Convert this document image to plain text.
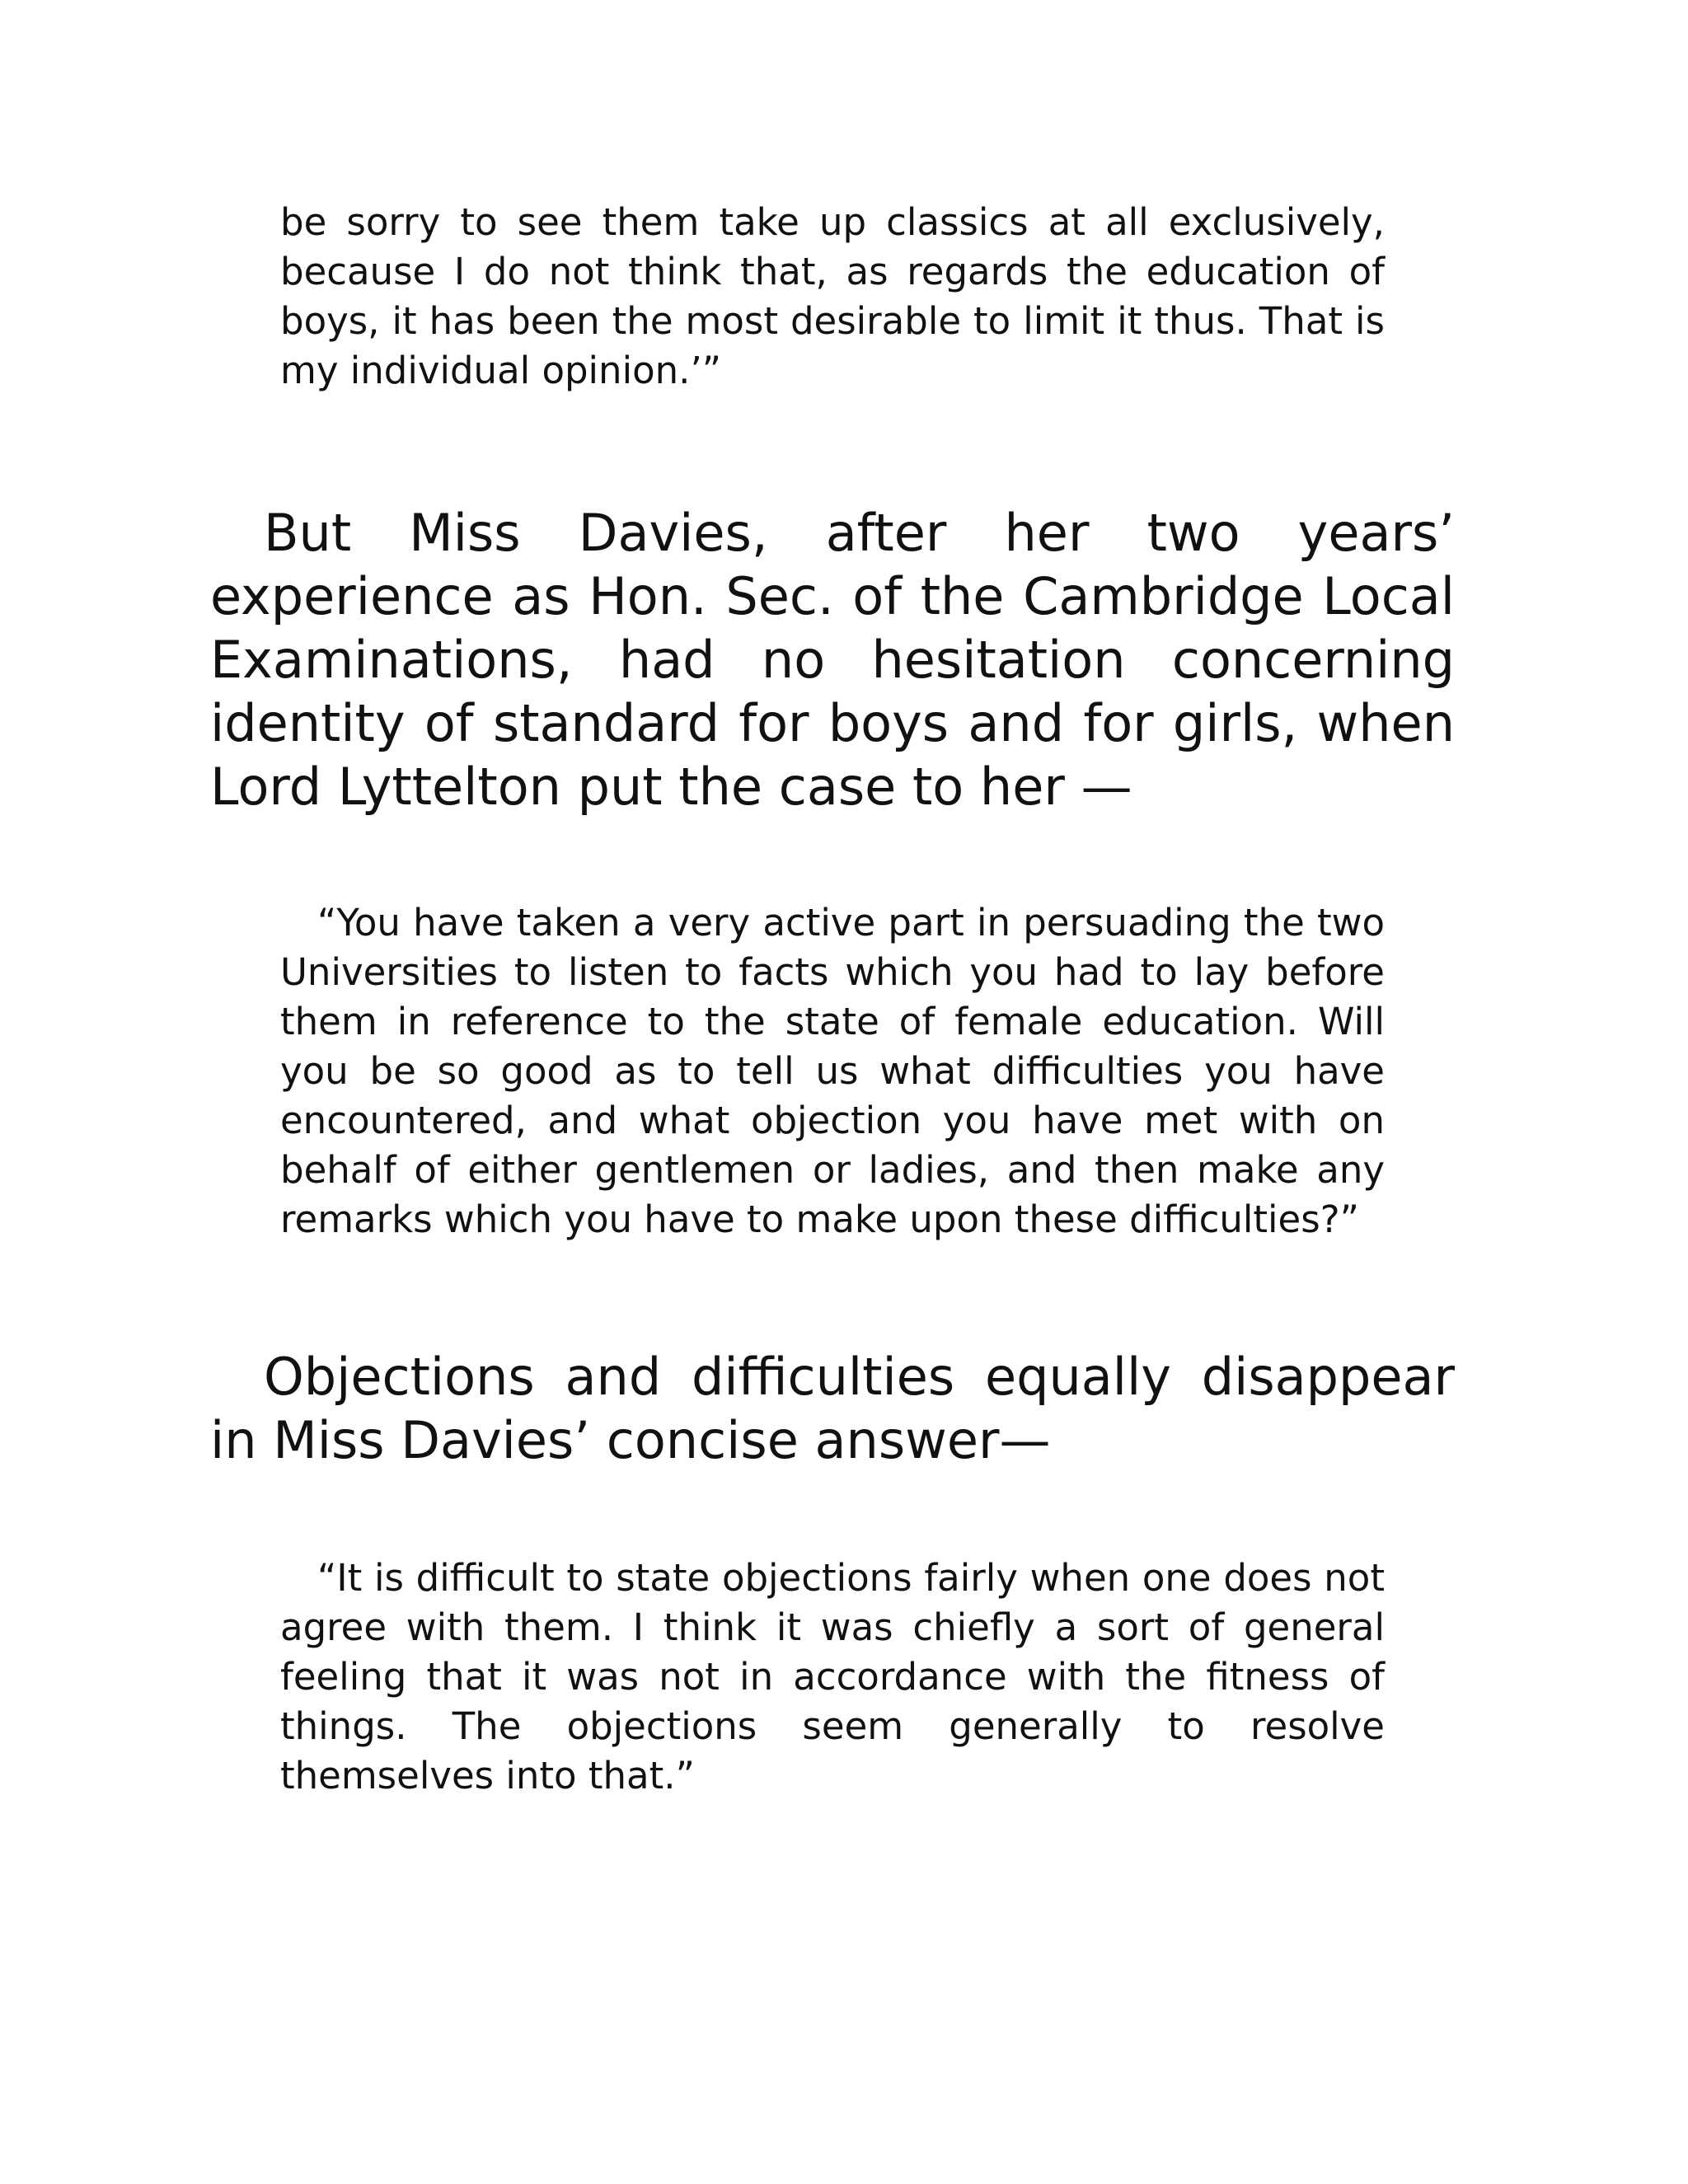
be sorry to see them take up classics at all exclusively, because I do not think that, as regards the education of boys, it has been the most desirable to limit it thus. That is my individual opinion.’”

But Miss Davies, after her two years’ experience as Hon. Sec. of the Cambridge Local Examinations, had no hesitation concerning identity of standard for boys and for girls, when Lord Lyttelton put the case to her —

“You have taken a very active part in persuading the two Universities to listen to facts which you had to lay before them in reference to the state of female education. Will you be so good as to tell us what difficulties you have encountered, and what objection you have met with on behalf of either gentlemen or ladies, and then make any remarks which you have to make upon these difficulties?”

Objections and difficulties equally disappear in Miss Davies’ concise answer—

“It is difficult to state objections fairly when one does not agree with them. I think it was chiefly a sort of general feeling that it was not in accordance with the fitness of things. The objections seem generally to resolve themselves into that.”
